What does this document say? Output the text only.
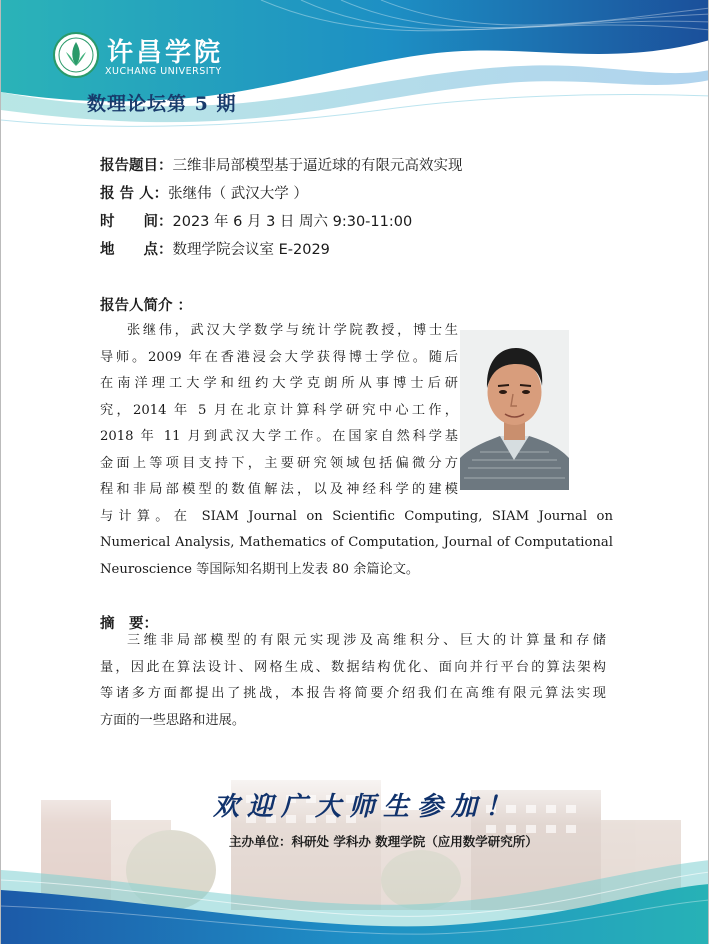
许昌学院
XUCHANG UNIVERSITY
数理论坛第 5 期
报告题目：三维非局部模型基于逼近球的有限元高效实现
报 告 人：张继伟（ 武汉大学 ）
时　　间：2023 年 6 月 3 日 周六 9:30-11:00
地　　点：数理学院会议室 E-2029
报告人简介 ：
张继伟，武汉大学数学与统计学院教授，博士生
导师。2009 年在香港浸会大学获得博士学位。随后
在南洋理工大学和纽约大学克朗所从事博士后研
究，2014 年 5 月在北京计算科学研究中心工作，
2018 年 11 月到武汉大学工作。在国家自然科学基
金面上等项目支持下，主要研究领域包括偏微分方
程和非局部模型的数值解法，以及神经科学的建模
与计算。在 SIAM Journal on Scientific Computing, SIAM Journal on
Numerical Analysis, Mathematics of Computation, Journal of Computational
Neuroscience 等国际知名期刊上发表 80 余篇论文。
摘　要：
三维非局部模型的有限元实现涉及高维积分、巨大的计算量和存储
量，因此在算法设计、网格生成、数据结构优化、面向并行平台的算法架构
等诸多方面都提出了挑战，本报告将简要介绍我们在高维有限元算法实现
方面的一些思路和进展。
欢迎广大师生参加！
主办单位：科研处 学科办 数理学院（应用数学研究所）
